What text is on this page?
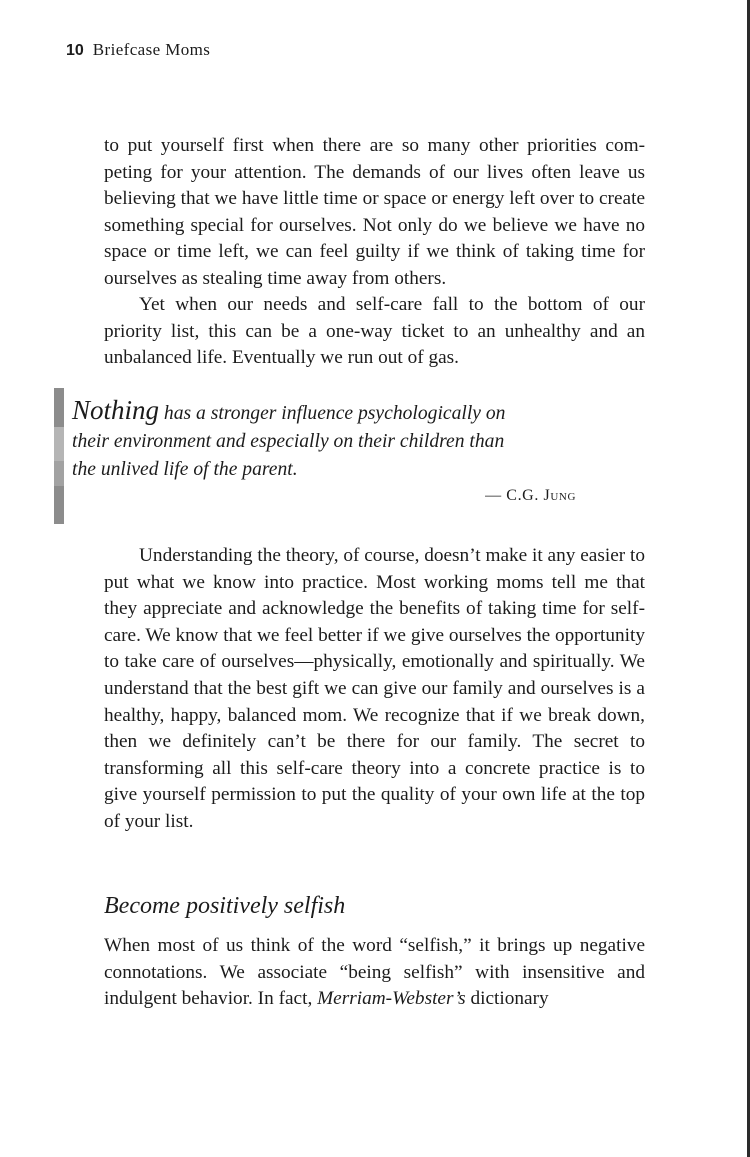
10 Briefcase Moms

to put yourself first when there are so many other priorities competing for your attention. The demands of our lives often leave us believing that we have little time or space or energy left over to create something special for ourselves. Not only do we believe we have no space or time left, we can feel guilty if we think of taking time for ourselves as stealing time away from others.

Yet when our needs and self-care fall to the bottom of our priority list, this can be a one-way ticket to an unhealthy and an unbalanced life. Eventually we run out of gas.

Nothing has a stronger influence psychologically on
their environment and especially on their children than
the unlived life of the parent.

— C.G. Jung

Understanding the theory, of course, doesn’t make it any easier to put what we know into practice. Most working moms tell me that they appreciate and acknowledge the benefits of taking time for self-care. We know that we feel better if we give ourselves the opportunity to take care of ourselves—physically, emotionally and spiritually. We understand that the best gift we can give our family and ourselves is a healthy, happy, balanced mom. We recognize that if we break down, then we definitely can’t be there for our family. The secret to transforming all this self-care theory into a concrete practice is to give yourself permission to put the quality of your own life at the top of your list.

Become positively selfish

When most of us think of the word “selfish,” it brings up negative connotations. We associate “being selfish” with insensitive and indulgent behavior. In fact, Merriam-Webster’s dictionary
